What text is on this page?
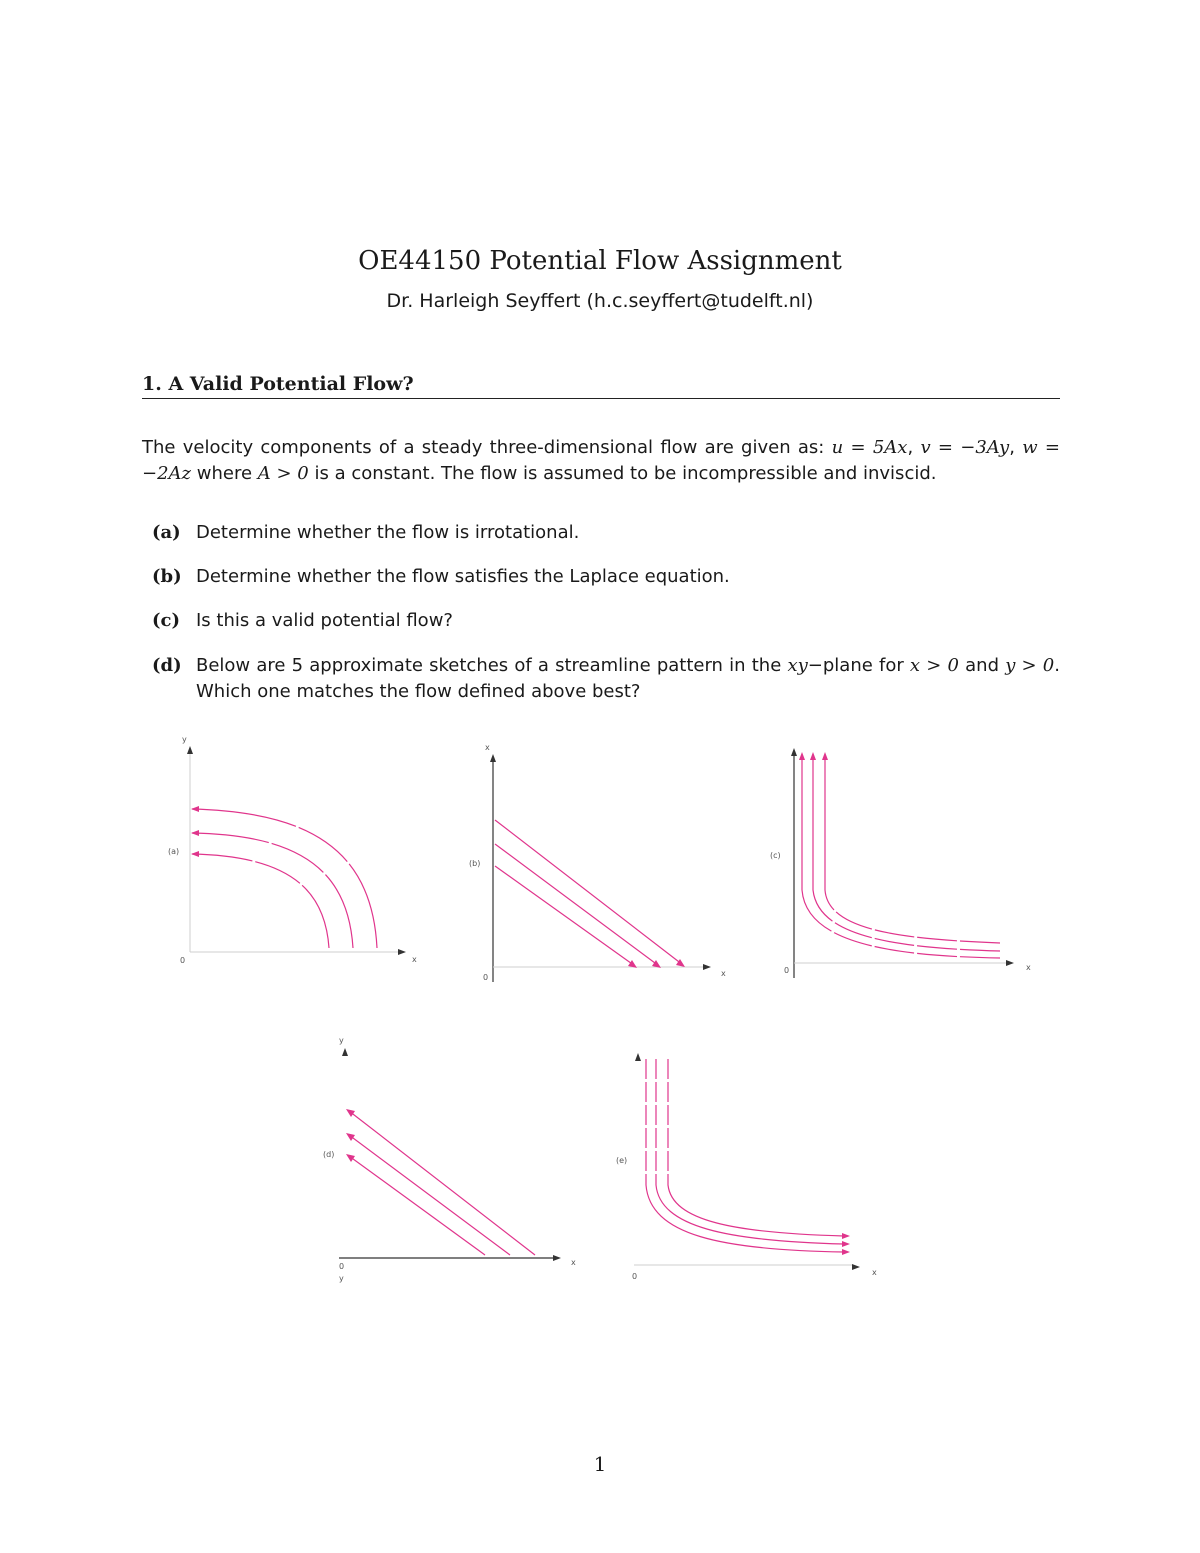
OE44150 Potential Flow Assignment
Dr. Harleigh Seyffert (h.c.seyffert@tudelft.nl)
1. A Valid Potential Flow?

The velocity components of a steady three-dimensional flow are given as: u = 5Ax, v = −3Ay, w = −2Az where A > 0 is a constant. The flow is assumed to be incompressible and inviscid.

(a) Determine whether the flow is irrotational.
(b) Determine whether the flow satisfies the Laplace equation.
(c) Is this a valid potential flow?
(d) Below are 5 approximate sketches of a streamline pattern in the xy−plane for x > 0 and y > 0. Which one matches the flow defined above best?
y
x
0
(a)
x
x
0
(b)
x
0
(c)
y
x
0
y
(d)
x
0
(e)
1
